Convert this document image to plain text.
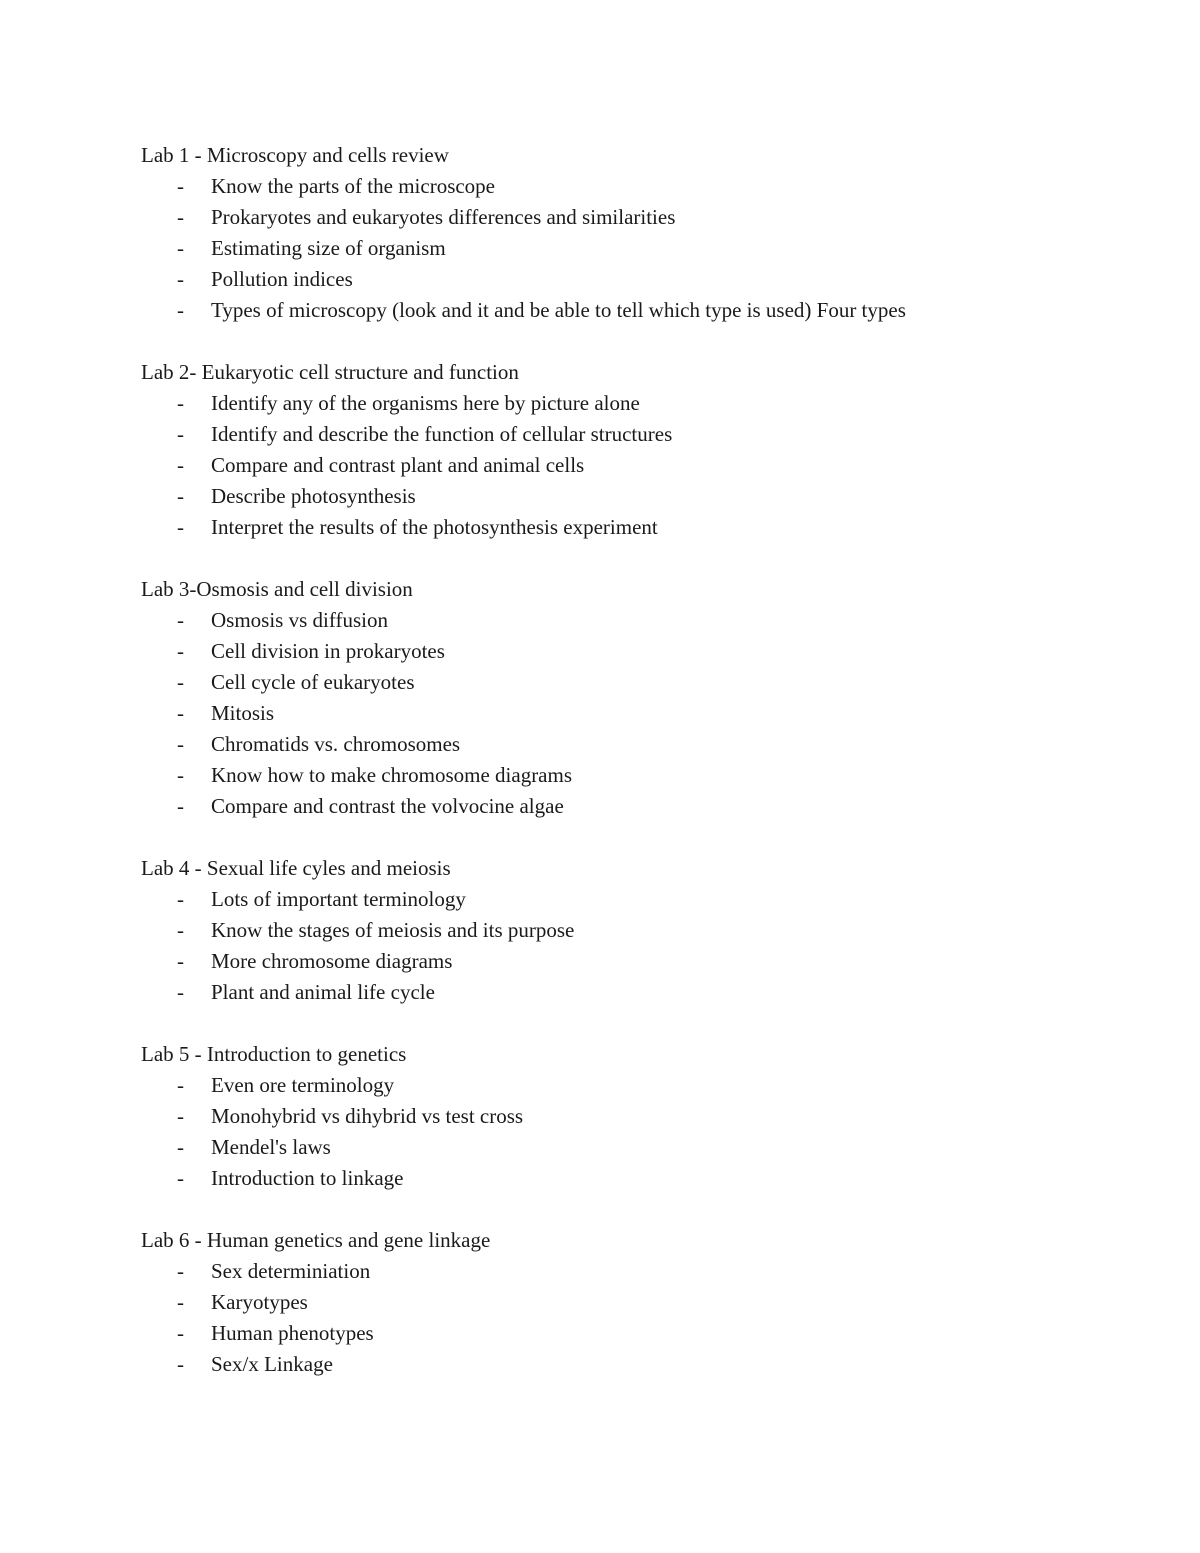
Lab 1 - Microscopy and cells review
- Know the parts of the microscope
- Prokaryotes and eukaryotes differences and similarities
- Estimating size of organism
- Pollution indices
- Types of microscopy (look and it and be able to tell which type is used) Four types
Lab 2- Eukaryotic cell structure and function
- Identify any of the organisms here by picture alone
- Identify and describe the function of cellular structures
- Compare and contrast plant and animal cells
- Describe photosynthesis
- Interpret the results of the photosynthesis experiment
Lab 3-Osmosis and cell division
- Osmosis vs diffusion
- Cell division in prokaryotes
- Cell cycle of eukaryotes
- Mitosis
- Chromatids vs. chromosomes
- Know how to make chromosome diagrams
- Compare and contrast the volvocine algae
Lab 4 - Sexual life cyles and meiosis
- Lots of important terminology
- Know the stages of meiosis and its purpose
- More chromosome diagrams
- Plant and animal life cycle
Lab 5 - Introduction to genetics
- Even ore terminology
- Monohybrid vs dihybrid vs test cross
- Mendel's laws
- Introduction to linkage
Lab 6 - Human genetics and gene linkage
- Sex determiniation
- Karyotypes
- Human phenotypes
- Sex/x Linkage
